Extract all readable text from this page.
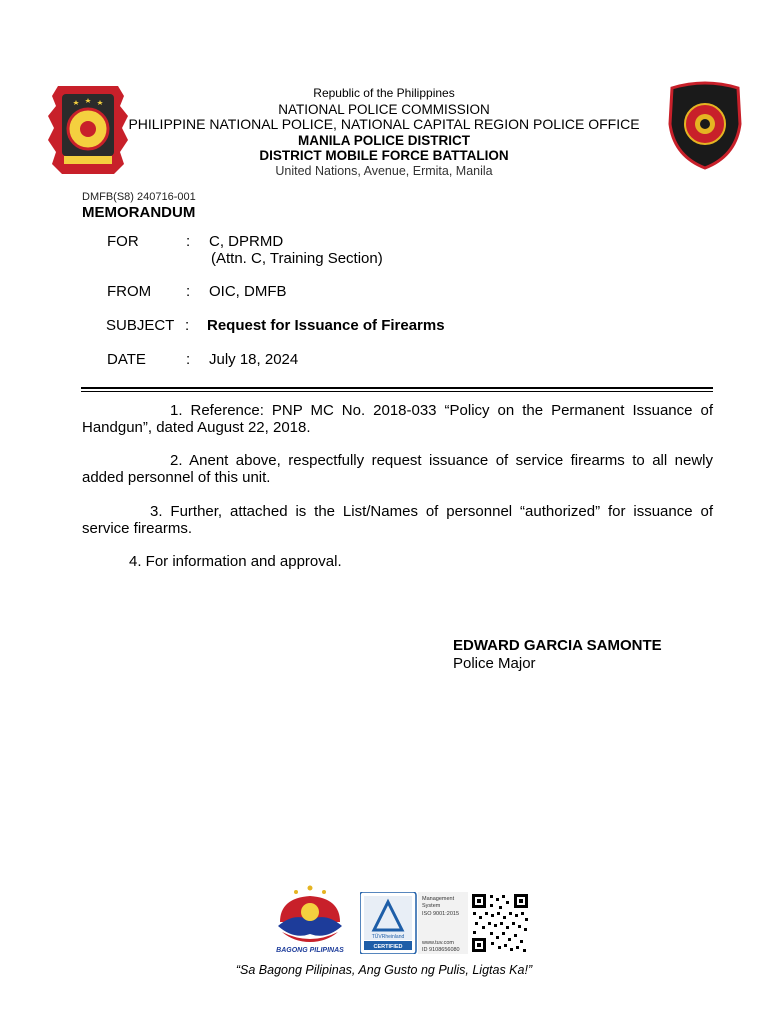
Republic of the Philippines
NATIONAL POLICE COMMISSION
PHILIPPINE NATIONAL POLICE, NATIONAL CAPITAL REGION POLICE OFFICE
MANILA POLICE DISTRICT
DISTRICT MOBILE FORCE BATTALION
United Nations, Avenue, Ermita, Manila
DMFB(S8) 240716-001
MEMORANDUM
FOR	: C, DPRMD
(Attn. C, Training Section)
FROM : OIC, DMFB
SUBJECT : Request for Issuance of Firearms
DATE	: July 18, 2024
1. Reference: PNP MC No. 2018-033 “Policy on the Permanent Issuance of Handgun”, dated August 22, 2018.
2. Anent above, respectfully request issuance of service firearms to all newly added personnel of this unit.
3. Further, attached is the List/Names of personnel “authorized” for issuance of service firearms.
4. For information and approval.
EDWARD GARCIA SAMONTE
Police Major
BAGONG PILIPINAS
TÜVRheinland
CERTIFIED
Management
System
ISO 9001:2015
www.tuv.com
ID 9108656080
“Sa Bagong Pilipinas, Ang Gusto ng Pulis, Ligtas Ka!”
